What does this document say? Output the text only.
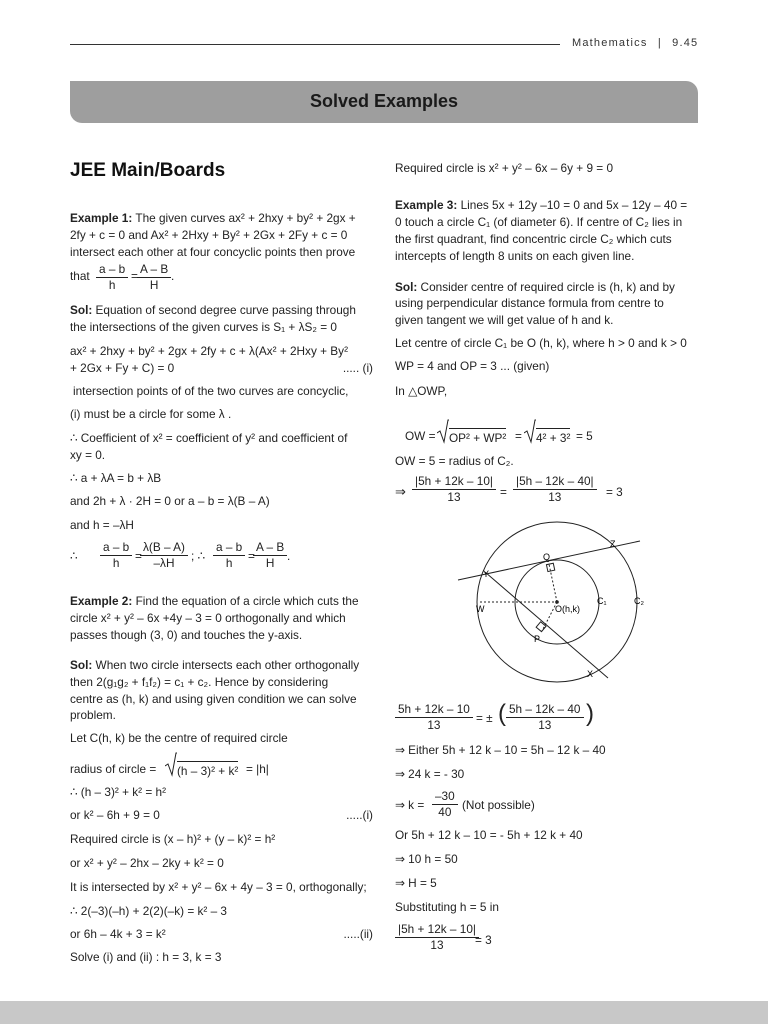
Mathematics | 9.45
Solved Examples
JEE Main/Boards
Example 1: The given curves ax² + 2hxy + by² + 2gx +
2fy + c = 0 and Ax² + 2Hxy + By² + 2Gx + 2Fy + c = 0
intersect each other at four concyclic points then prove
that $\frac{a - b}{h} = \frac{A - B}{H}$ .
Sol: Equation of second degree curve passing through
the intersections of the given curves is S₁ + λS₂ = 0
ax² + 2hxy + by² + 2gx + 2fy + c + λ(Ax² + 2Hxy + By²
+ 2Gx + Fy + C) = 0	..... (i)
intersection points of of the two curves are concyclic,
(i) must be a circle for some λ .
∴ Coefficient of x² = coefficient of y² and coefficient of
xy = 0.
∴ a + λA = b + λB
and 2h + λ · 2H = 0 or a – b = λ(B – A)
and h = –λH
∴ $\frac{a - b}{h}$ =
$\frac{\lambda(B - A)}{-\lambda H}$ ; ∴ $\frac{a - b}{h}$ =
$\frac{A - B}{H}$ .
Example 2: Find the equation of a circle which cuts the
circle x² + y² – 6x +4y – 3 = 0 orthogonally and which
passes though (3, 0) and touches the y-axis.
Sol: When two circle intersects each other orthogonally
then 2(g₁g₂ + f₁f₂) = c₁ + c₂. Hence by considering
centre as (h, k) and using given condition we can solve
problem.
Let C(h, k) be the centre of required circle
radius of circle = (h – 3)² + k² = |h|
∴ (h – 3)² + k² = h²
or k² – 6h + 9 = 0	.....(i)
Required circle is (x – h)² + (y – k)² = h²
or x² + y² – 2hx – 2ky + k² = 0
It is intersected by x² + y² – 6x + 4y – 3 = 0, orthogonally;
∴ 2(–3)(–h) + 2(2)(–k) = k² – 3
or 6h – 4k + 3 = k²	.....(ii)
Solve (i) and (ii) : h = 3, k = 3
Required circle is x² + y² – 6x – 6y + 9 = 0
Example 3: Lines 5x + 12y –10 = 0 and 5x – 12y – 40 =
0 touch a circle C₁ (of diameter 6). If centre of C₂ lies in
the first quadrant, find concentric circle C₂ which cuts
intercepts of length 8 units on each given line.
Sol: Consider centre of required circle is (h, k) and by
using perpendicular distance formula from centre to
given tangent we will get value of h and k.
Let centre of circle C₁ be O (h, k), where h > 0 and k > 0
WP = 4 and OP = 3 ... (given)
In △OWP,
OW = OP² + WP² = 4² + 3² = 5
OW = 5 = radius of C₂.
⇒ $\frac{|5h + 12k - 10|}{13} = \frac{|5h - 12k - 40|}{13} = 3$
Q
Z
Y
W	O(h,k)
C₁	C₂
P
X
$\frac{5h + 12k - 10}{13}$ = ± ( $\frac{5h - 12k - 40}{13}$ )
⇒ Either 5h + 12 k – 10 = 5h – 12 k – 40
⇒ 24 k = - 30
⇒ $k = \frac{-30}{40} (Not$ possible)
Or 5h + 12 k – 10 = - 5h + 12 k + 40
⇒ 10 h = 50
⇒ H = 5
Substituting h = 5 in
$\frac{|5h + 12k - 10|}{13}$
= 3
